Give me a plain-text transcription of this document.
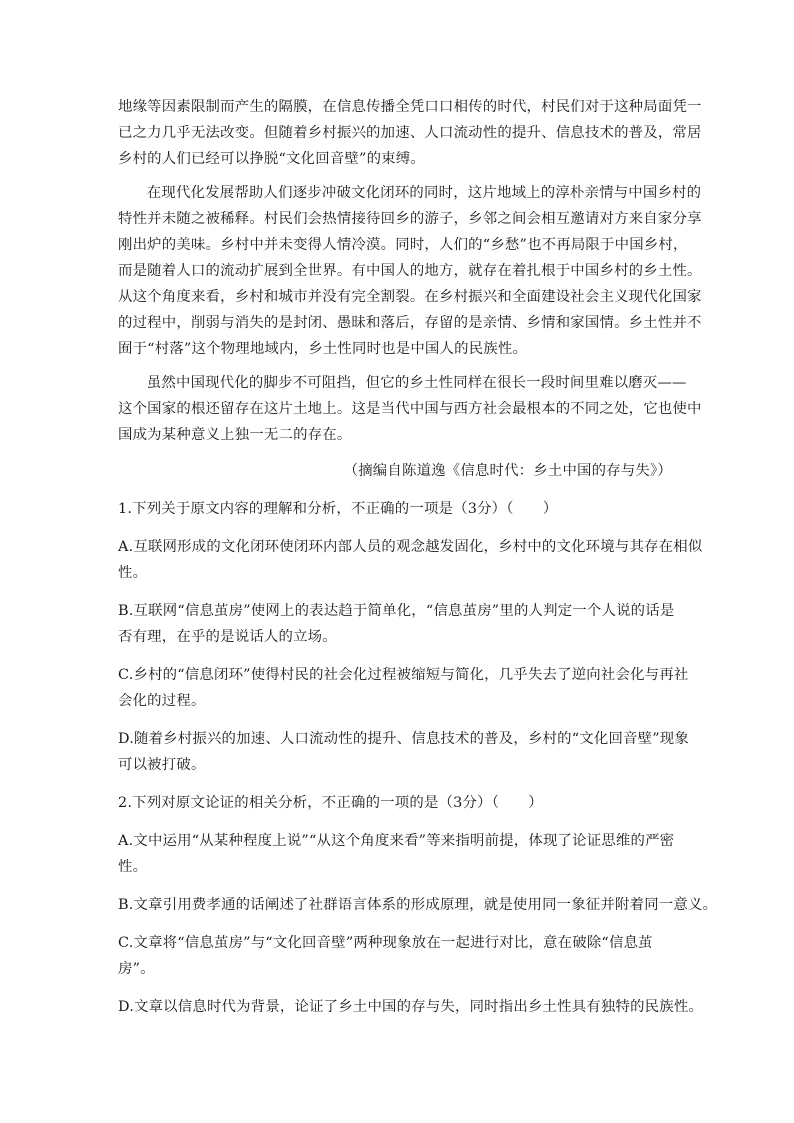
地缘等因素限制而产生的隔膜，在信息传播全凭口口相传的时代，村民们对于这种局面凭一

已之力几乎无法改变。但随着乡村振兴的加速、人口流动性的提升、信息技术的普及，常居

乡村的人们已经可以挣脱“文化回音壁”的束缚。

在现代化发展帮助人们逐步冲破文化闭环的同时，这片地域上的淳朴亲情与中国乡村的

特性并未随之被稀释。村民们会热情接待回乡的游子，乡邻之间会相互邀请对方来自家分享

刚出炉的美味。乡村中并未变得人情冷漠。同时，人们的“乡愁”也不再局限于中国乡村，

而是随着人口的流动扩展到全世界。有中国人的地方，就存在着扎根于中国乡村的乡土性。

从这个角度来看，乡村和城市并没有完全割裂。在乡村振兴和全面建设社会主义现代化国家

的过程中，削弱与消失的是封闭、愚昧和落后，存留的是亲情、乡情和家国情。乡土性并不

囿于“村落”这个物理地域内，乡土性同时也是中国人的民族性。

虽然中国现代化的脚步不可阻挡，但它的乡土性同样在很长一段时间里难以磨灭——

这个国家的根还留存在这片土地上。这是当代中国与西方社会最根本的不同之处，它也使中

国成为某种意义上独一无二的存在。

（摘编自陈道逸《信息时代：乡土中国的存与失》）

1.下列关于原文内容的理解和分析，不正确的一项是（3分）（　　）

A.互联网形成的文化闭环使闭环内部人员的观念越发固化，乡村中的文化环境与其存在相似

性。

B.互联网“信息茧房”使网上的表达趋于简单化，“信息茧房”里的人判定一个人说的话是

否有理，在乎的是说话人的立场。

C.乡村的“信息闭环”使得村民的社会化过程被缩短与简化，几乎失去了逆向社会化与再社

会化的过程。

D.随着乡村振兴的加速、人口流动性的提升、信息技术的普及，乡村的“文化回音壁”现象

可以被打破。

2.下列对原文论证的相关分析，不正确的一项的是（3分）（　　）

A.文中运用“从某种程度上说”“从这个角度来看”等来指明前提，体现了论证思维的严密

性。

B.文章引用费孝通的话阐述了社群语言体系的形成原理，就是使用同一象征并附着同一意义。

C.文章将“信息茧房”与“文化回音壁”两种现象放在一起进行对比，意在破除“信息茧

房”。

D.文章以信息时代为背景，论证了乡土中国的存与失，同时指出乡土性具有独特的民族性。
